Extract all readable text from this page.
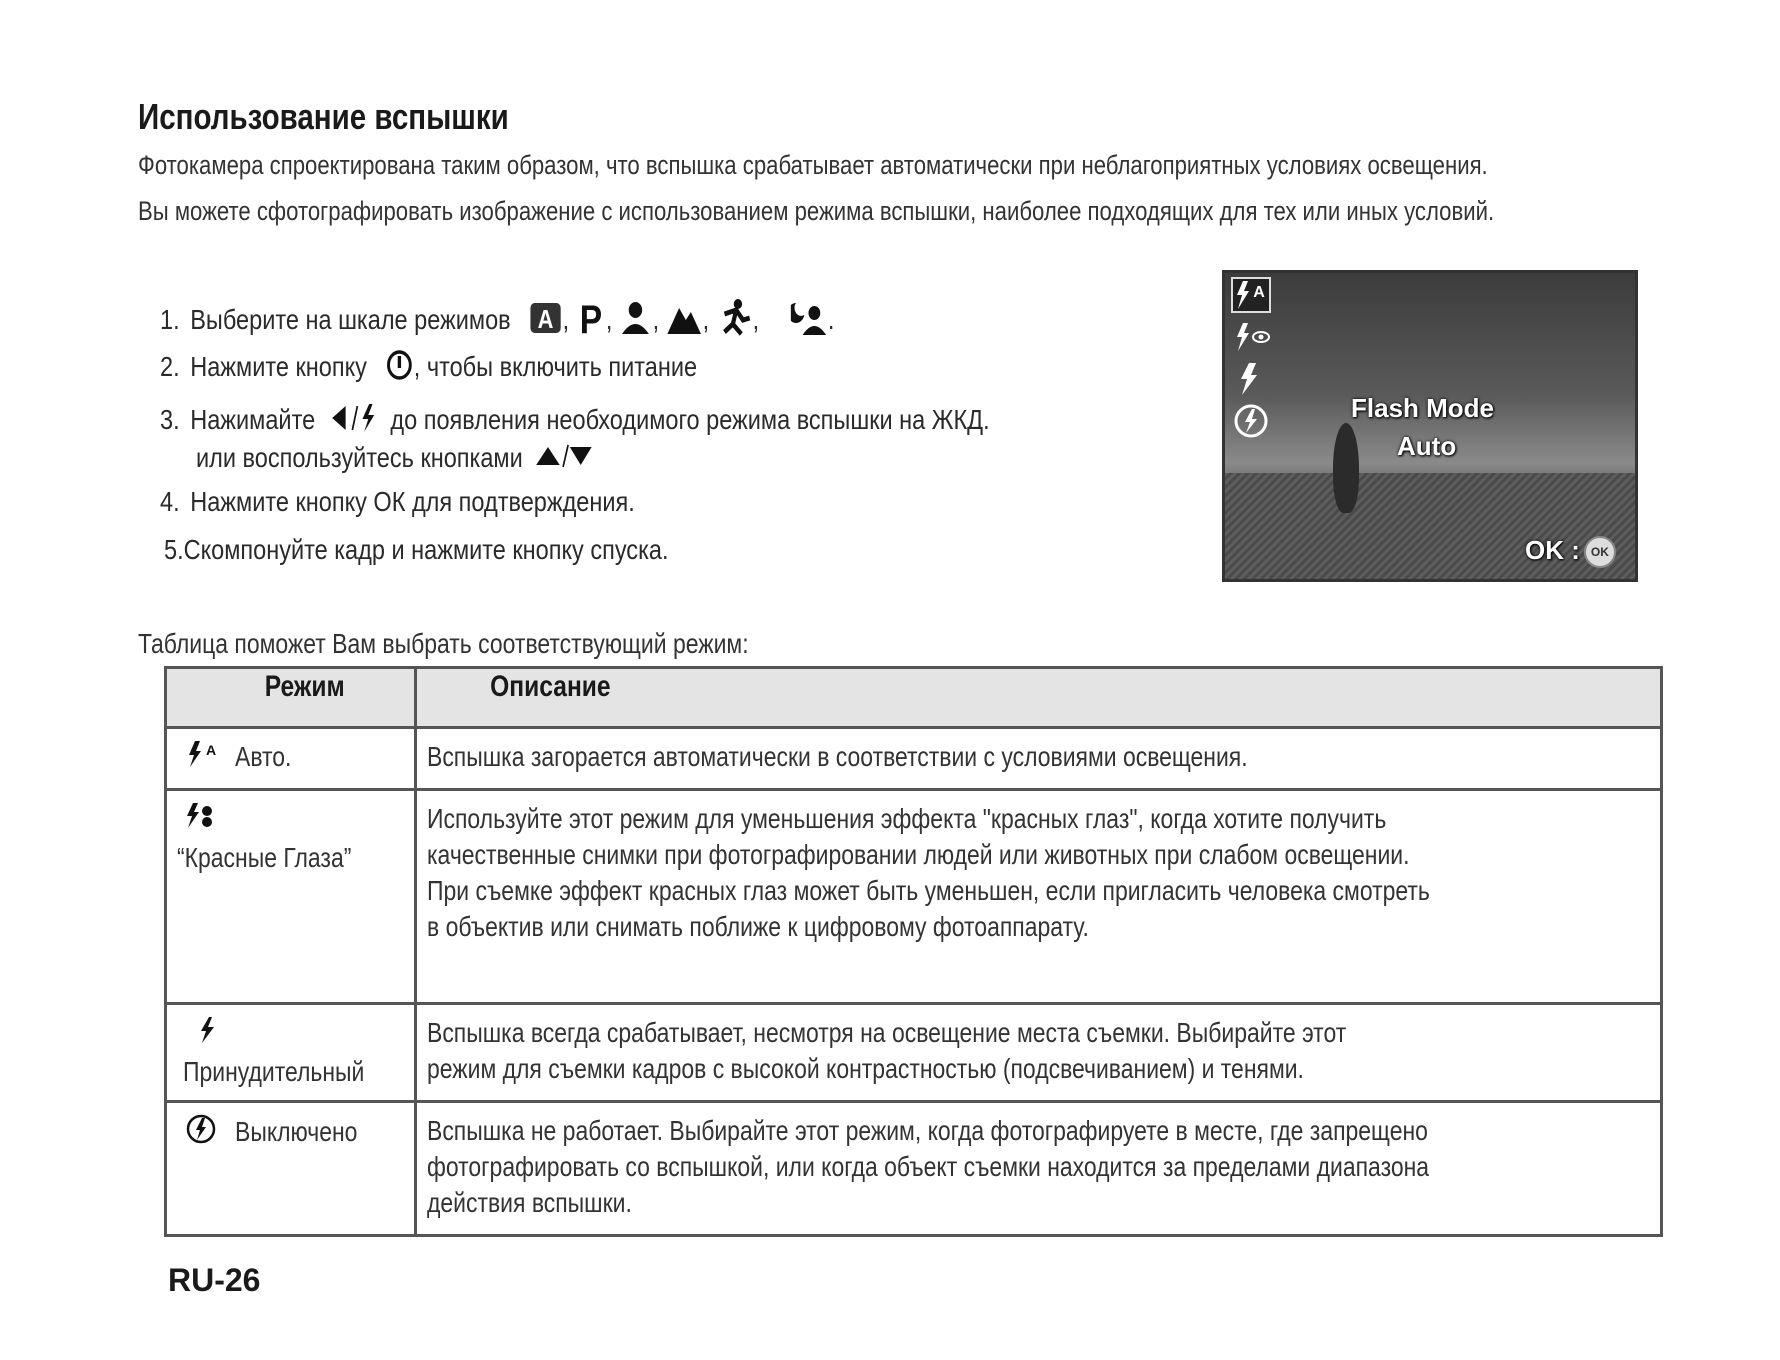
Использование вспышки
Фотокамера спроектирована таким образом, что вспышка срабатывает автоматически при неблагоприятных условиях освещения.
Вы можете сфотографировать изображение с использованием режима вспышки, наиболее подходящих для тех или иных условий.
1. Выберите на шкале режимов A , P , , , , .
2. Нажмите кнопку , чтобы включить питание
3. Нажимайте	до появления необходимого режима вспышки на ЖКД.
или воспользуйтесь кнопками
4. Нажмите кнопку ОК для подтверждения.
5.Скомпонуйте кадр и нажмите кнопку спуска.
A
Flash Mode
Auto
OK : OK
Таблица поможет Вам выбрать соответствующий режим:
Режим	Описание

A Авто.	Вспышка загорается автоматически в соответствии с условиями освещения.
“Красные Глаза”	Используйте этот режим для уменьшения эффекта "красных глаз", когда хотите получить
качественные снимки при фотографировании людей или животных при слабом освещении.
При съемке эффект красных глаз может быть уменьшен, если пригласить человека смотреть
в объектив или снимать поближе к цифровому фотоаппарату.

Принудительный	Вспышка всегда срабатывает, несмотря на освещение места съемки. Выбирайте этот
режим для съемки кадров с высокой контрастностью (подсвечиванием) и тенями.

Выключено	Вспышка не работает. Выбирайте этот режим, когда фотографируете в месте, где запрещено
фотографировать со вспышкой, или когда объект съемки находится за пределами диапазона
действия вспышки.
RU-26
